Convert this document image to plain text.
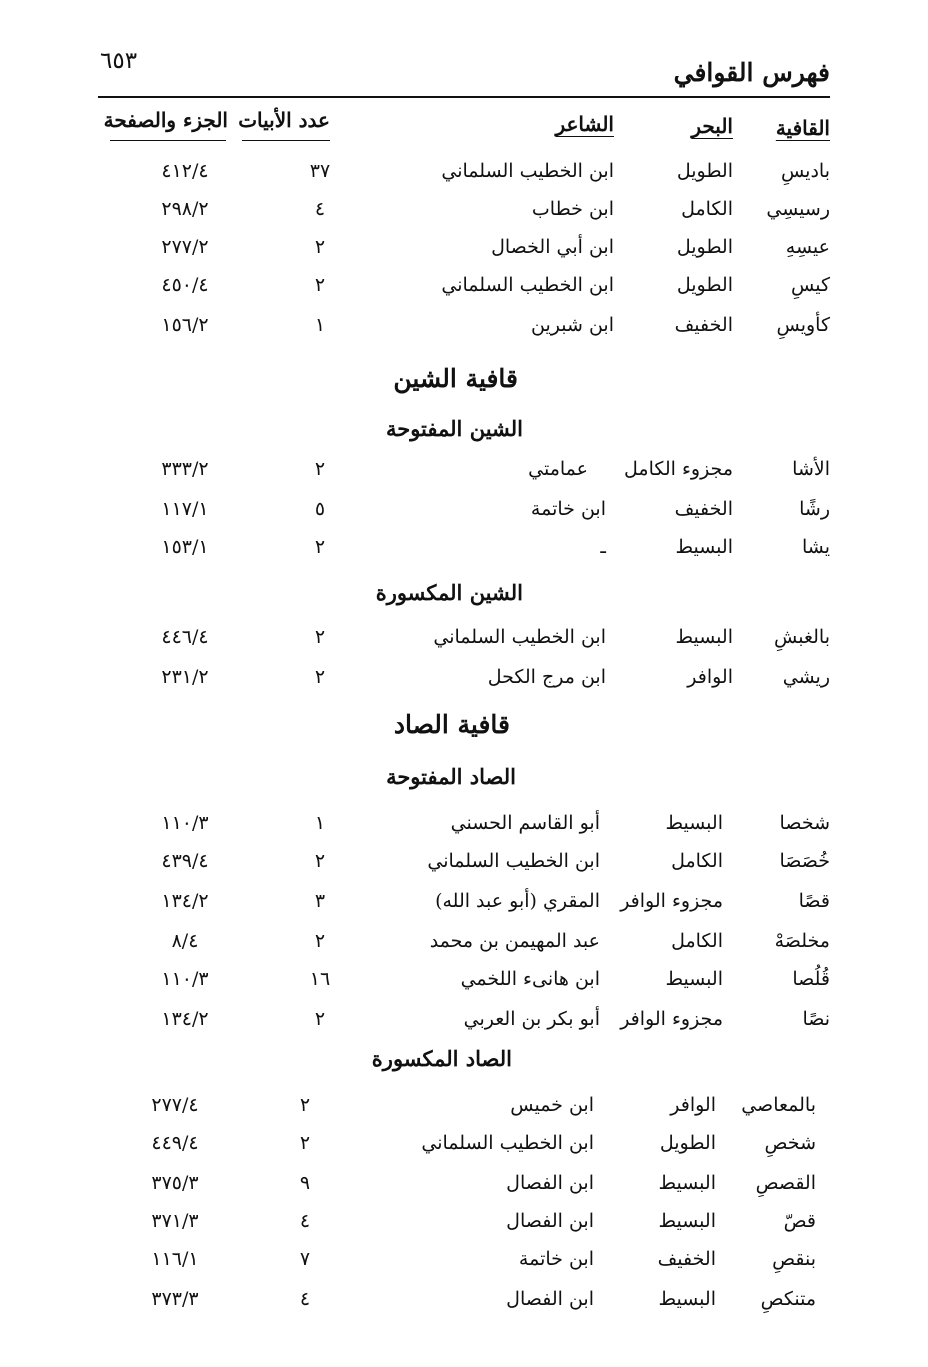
فهرس القوافي
٦٥٣
القافية
البحر
الشاعر
عدد الأبيات
الجزء والصفحة
باديسِ
الطويل
ابن الخطيب السلماني
٣٧
٤١٢/٤
رسيسِي
الكامل
ابن خطاب
٤
٢٩٨/٢
عيسِهِ
الطويل
ابن أبي الخصال
٢
٢٧٧/٢
كيسِ
الطويل
ابن الخطيب السلماني
٢
٤٥٠/٤
كأويسِ
الخفيف
ابن شبرين
١
١٥٦/٢
قافية الشين
الشين المفتوحة
الأشا
مجزوء الكامل
عمامتي
٢
٣٣٣/٢
رشًا
الخفيف
ابن خاتمة
٥
١١٧/١
يشا
البسيط
ـ
٢
١٥٣/١
الشين المكسورة
بالغبشِ
البسيط
ابن الخطيب السلماني
٢
٤٤٦/٤
ريشي
الوافر
ابن مرج الكحل
٢
٢٣١/٢
قافية الصاد
الصاد المفتوحة
شخصا
البسيط
أبو القاسم الحسني
١
١١٠/٣
خُصَصَا
الكامل
ابن الخطيب السلماني
٢
٤٣٩/٤
قصًا
مجزوء الوافر
المقري (أبو عبد الله)
٣
١٣٤/٢
مخلصَهْ
الكامل
عبد المهيمن بن محمد
٢
٨/٤
قُلُصا
البسيط
ابن هانىء اللخمي
١٦
١١٠/٣
نصًا
مجزوء الوافر
أبو بكر بن العربي
٢
١٣٤/٢
الصاد المكسورة
بالمعاصي
الوافر
ابن خميس
٢
٢٧٧/٤
شخصِ
الطويل
ابن الخطيب السلماني
٢
٤٤٩/٤
القصصِ
البسيط
ابن الفصال
٩
٣٧٥/٣
قصّ
البسيط
ابن الفصال
٤
٣٧١/٣
بنقصِ
الخفيف
ابن خاتمة
٧
١١٦/١
متنكصِ
البسيط
ابن الفصال
٤
٣٧٣/٣
